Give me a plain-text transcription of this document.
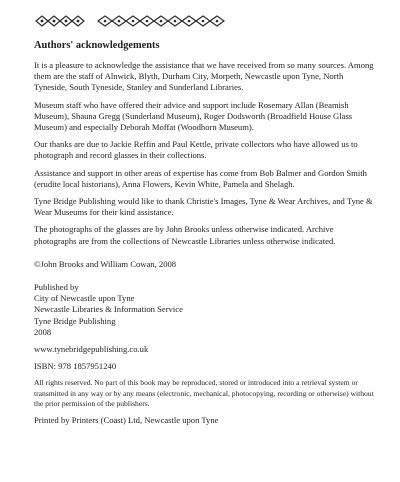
Authors' acknowledgements

It is a pleasure to acknowledge the assistance that we have received from so many sources. Among them are the staff of Alnwick, Blyth, Durham City, Morpeth, Newcastle upon Tyne, North Tyneside, South Tyneside, Stanley and Sunderland Libraries.

Museum staff who have offered their advice and support include Rosemary Allan (Beamish Museum), Shauna Gregg (Sunderland Museum), Roger Dodsworth (Broadfield House Glass Museum) and especially Deborah Moffat (Woodhorn Museum).

Our thanks are due to Jackie Reffin and Paul Kettle, private collectors who have allowed us to photograph and record glasses in their collections.

Assistance and support in other areas of expertise has come from Bob Balmer and Gordon Smith (erudite local historians), Anna Flowers, Kevin White, Pamela and Shelagh.

Tyne Bridge Publishing would like to thank Christie's Images, Tyne & Wear Archives, and Tyne & Wear Museums for their kind assistance.

The photographs of the glasses are by John Brooks unless otherwise indicated. Archive photographs are from the collections of Newcastle Libraries unless otherwise indicated.

©John Brooks and William Cowan, 2008

Published by
City of Newcastle upon Tyne
Newcastle Libraries & Information Service
Tyne Bridge Publishing
2008

www.tynebridgepublishing.co.uk

ISBN: 978 1857951240

All rights reserved. No part of this book may be reproduced, stored or introduced into a retrieval system or transmitted in any way or by any means (electronic, mechanical, photocopying, recording or otherwise) without the prior permission of the publishers.

Printed by Printers (Coast) Ltd, Newcastle upon Tyne
